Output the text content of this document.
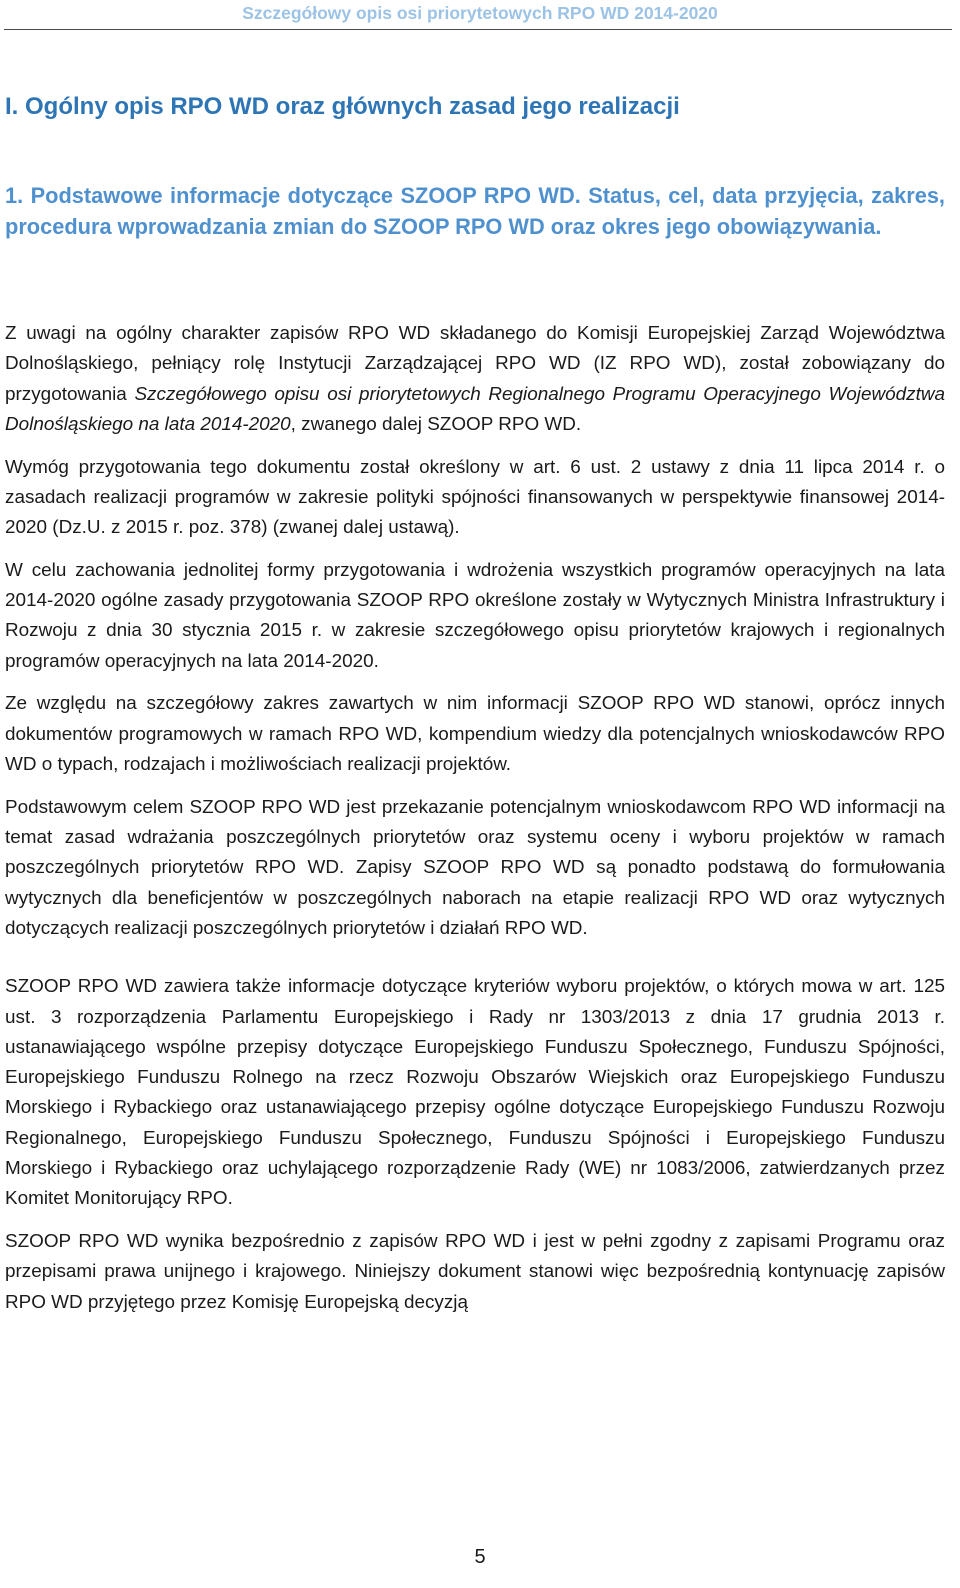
Szczegółowy opis osi priorytetowych RPO WD 2014-2020
I. Ogólny opis RPO WD oraz głównych zasad jego realizacji
1. Podstawowe informacje dotyczące SZOOP RPO WD. Status, cel, data przyjęcia, zakres, procedura wprowadzania zmian do SZOOP RPO WD oraz okres jego obowiązywania.

Z uwagi na ogólny charakter zapisów RPO WD składanego do Komisji Europejskiej Zarząd Województwa Dolnośląskiego, pełniący rolę Instytucji Zarządzającej RPO WD (IZ RPO WD), został zobowiązany do przygotowania Szczegółowego opisu osi priorytetowych Regionalnego Programu Operacyjnego Województwa Dolnośląskiego na lata 2014-2020, zwanego dalej SZOOP RPO WD.

Wymóg przygotowania tego dokumentu został określony w art. 6 ust. 2 ustawy z dnia 11 lipca 2014 r. o zasadach realizacji programów w zakresie polityki spójności finansowanych w perspektywie finansowej 2014-2020 (Dz.U. z 2015 r. poz. 378) (zwanej dalej ustawą).

W celu zachowania jednolitej formy przygotowania i wdrożenia wszystkich programów operacyjnych na lata 2014-2020 ogólne zasady przygotowania SZOOP RPO określone zostały w Wytycznych Ministra Infrastruktury i Rozwoju z dnia 30 stycznia 2015 r. w zakresie szczegółowego opisu priorytetów krajowych i regionalnych programów operacyjnych na lata 2014-2020.

Ze względu na szczegółowy zakres zawartych w nim informacji SZOOP RPO WD stanowi, oprócz innych dokumentów programowych w ramach RPO WD, kompendium wiedzy dla potencjalnych wnioskodawców RPO WD o typach, rodzajach i możliwościach realizacji projektów.

Podstawowym celem SZOOP RPO WD jest przekazanie potencjalnym wnioskodawcom RPO WD informacji na temat zasad wdrażania poszczególnych priorytetów oraz systemu oceny i wyboru projektów w ramach poszczególnych priorytetów RPO WD. Zapisy SZOOP RPO WD są ponadto podstawą do formułowania wytycznych dla beneficjentów w poszczególnych naborach na etapie realizacji RPO WD oraz wytycznych dotyczących realizacji poszczególnych priorytetów i działań RPO WD.

SZOOP RPO WD zawiera także informacje dotyczące kryteriów wyboru projektów, o których mowa w art. 125 ust. 3 rozporządzenia Parlamentu Europejskiego i Rady nr 1303/2013 z dnia 17 grudnia 2013 r. ustanawiającego wspólne przepisy dotyczące Europejskiego Funduszu Społecznego, Funduszu Spójności, Europejskiego Funduszu Rolnego na rzecz Rozwoju Obszarów Wiejskich oraz Europejskiego Funduszu Morskiego i Rybackiego oraz ustanawiającego przepisy ogólne dotyczące Europejskiego Funduszu Rozwoju Regionalnego, Europejskiego Funduszu Społecznego, Funduszu Spójności i Europejskiego Funduszu Morskiego i Rybackiego oraz uchylającego rozporządzenie Rady (WE) nr 1083/2006, zatwierdzanych przez Komitet Monitorujący RPO.

SZOOP RPO WD wynika bezpośrednio z zapisów RPO WD i jest w pełni zgodny z zapisami Programu oraz przepisami prawa unijnego i krajowego. Niniejszy dokument stanowi więc bezpośrednią kontynuację zapisów RPO WD przyjętego przez Komisję Europejską decyzją

5
